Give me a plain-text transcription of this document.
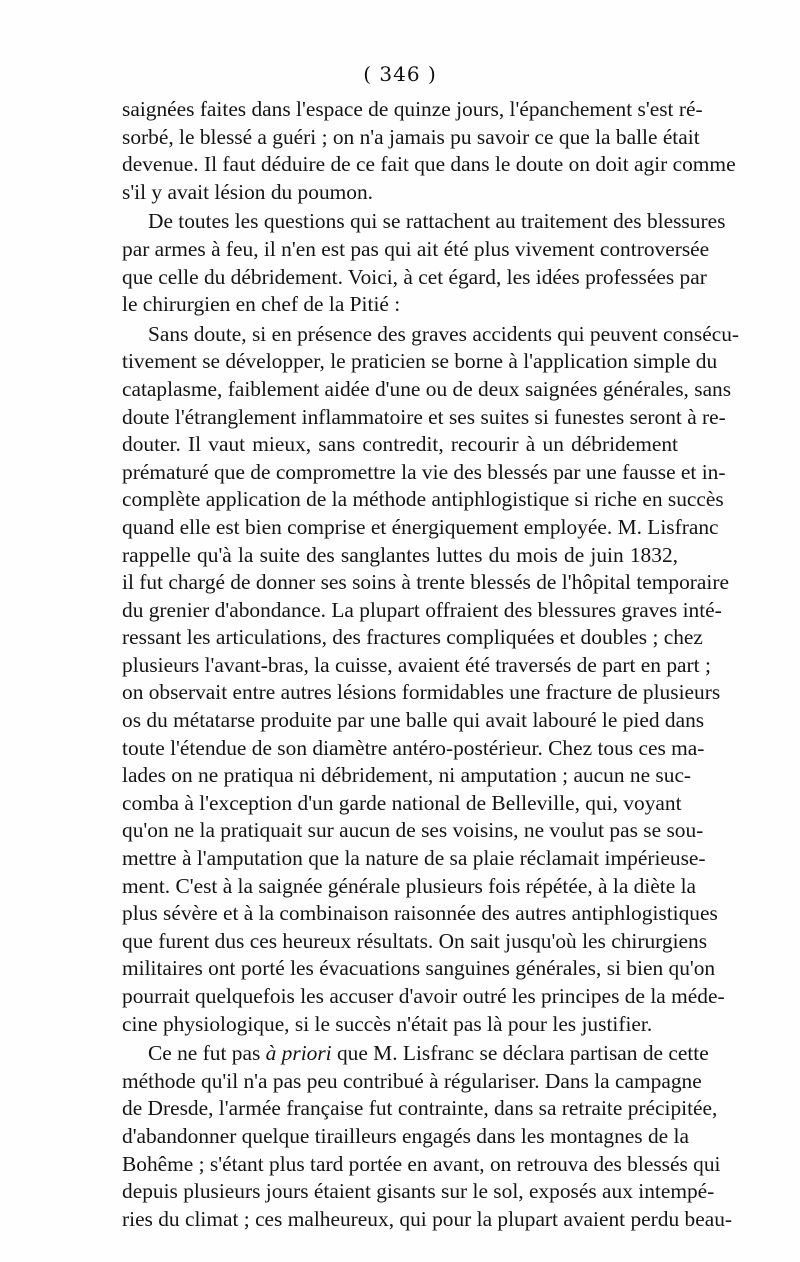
( 346 )
saignées faites dans l'espace de quinze jours, l'épanchement s'est ré-
sorbé, le blessé a guéri ; on n'a jamais pu savoir ce que la balle était
devenue. Il faut déduire de ce fait que dans le doute on doit agir comme
s'il y avait lésion du poumon.
De toutes les questions qui se rattachent au traitement des blessures
par armes à feu, il n'en est pas qui ait été plus vivement controversée
que celle du débridement. Voici, à cet égard, les idées professées par
le chirurgien en chef de la Pitié :
Sans doute, si en présence des graves accidents qui peuvent consécu-
tivement se développer, le praticien se borne à l'application simple du
cataplasme, faiblement aidée d'une ou de deux saignées générales, sans
doute l'étranglement inflammatoire et ses suites si funestes seront à re-
douter. Il vaut mieux, sans contredit, recourir à un débridement
prématuré que de compromettre la vie des blessés par une fausse et in-
complète application de la méthode antiphlogistique si riche en succès
quand elle est bien comprise et énergiquement employée. M. Lisfranc
rappelle qu'à la suite des sanglantes luttes du mois de juin 1832,
il fut chargé de donner ses soins à trente blessés de l'hôpital temporaire
du grenier d'abondance. La plupart offraient des blessures graves inté-
ressant les articulations, des fractures compliquées et doubles ; chez
plusieurs l'avant-bras, la cuisse, avaient été traversés de part en part ;
on observait entre autres lésions formidables une fracture de plusieurs
os du métatarse produite par une balle qui avait labouré le pied dans
toute l'étendue de son diamètre antéro-postérieur. Chez tous ces ma-
lades on ne pratiqua ni débridement, ni amputation ; aucun ne suc-
comba à l'exception d'un garde national de Belleville, qui, voyant
qu'on ne la pratiquait sur aucun de ses voisins, ne voulut pas se sou-
mettre à l'amputation que la nature de sa plaie réclamait impérieuse-
ment. C'est à la saignée générale plusieurs fois répétée, à la diète la
plus sévère et à la combinaison raisonnée des autres antiphlogistiques
que furent dus ces heureux résultats. On sait jusqu'où les chirurgiens
militaires ont porté les évacuations sanguines générales, si bien qu'on
pourrait quelquefois les accuser d'avoir outré les principes de la méde-
cine physiologique, si le succès n'était pas là pour les justifier.
Ce ne fut pas à priori que M. Lisfranc se déclara partisan de cette
méthode qu'il n'a pas peu contribué à régulariser. Dans la campagne
de Dresde, l'armée française fut contrainte, dans sa retraite précipitée,
d'abandonner quelque tirailleurs engagés dans les montagnes de la
Bohême ; s'étant plus tard portée en avant, on retrouva des blessés qui
depuis plusieurs jours étaient gisants sur le sol, exposés aux intempé-
ries du climat ; ces malheureux, qui pour la plupart avaient perdu beau-
